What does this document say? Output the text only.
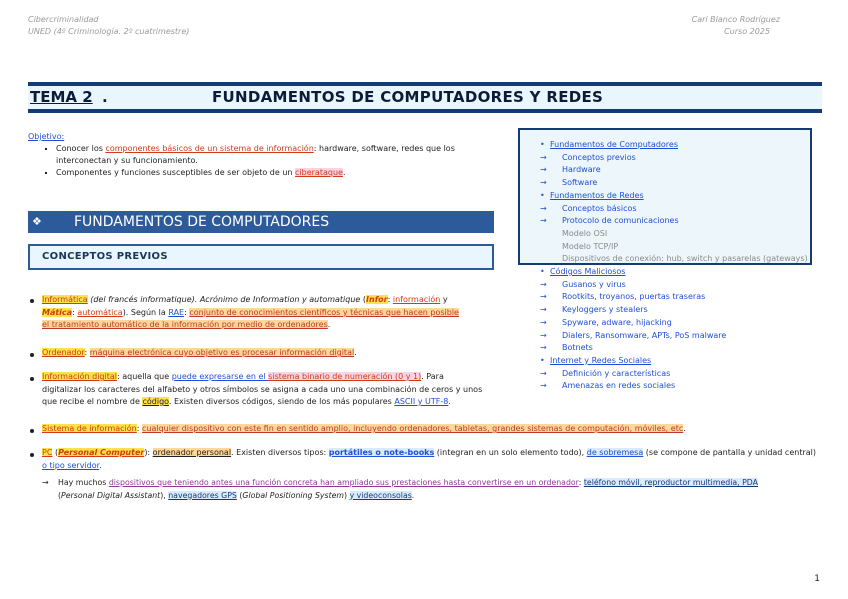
Cibercriminalidad
UNED (4º Criminología. 2º cuatrimestre)
Cari Blanco Rodríguez
Curso 2025
TEMA 2 .	FUNDAMENTOS DE COMPUTADORES Y REDES
Objetivo:
▪ Conocer los componentes básicos de un sistema de información: hardware, software, redes que los
interconectan y su funcionamiento.
▪ Componentes y funciones susceptibles de ser objeto de un ciberataque.
❖ FUNDAMENTOS DE COMPUTADORES
CONCEPTOS PREVIOS
• Fundamentos de Computadores
→ Conceptos previos
→ Hardware
→ Software
• Fundamentos de Redes
→ Conceptos básicos
→ Protocolo de comunicaciones
Modelo OSI
Modelo TCP/IP
Dispositivos de conexión: hub, switch y pasarelas (gateways)
• Códigos Maliciosos
→ Gusanos y virus
→ Rootkits, troyanos, puertas traseras
→ Keyloggers y stealers
→ Spyware, adware, hijacking
→ Dialers, Ransomware, APTs, PoS malware
→ Botnets
• Internet y Redes Sociales
→ Definición y características
→ Amenazas en redes sociales
Informática (del francés informatique). Acrónimo de Information y automatique (Infor: información y
Mática: automática). Según la RAE: conjunto de conocimientos científicos y técnicas que hacen posible
el tratamiento automático de la información por medio de ordenadores.
Ordenador: máquina electrónica cuyo objetivo es procesar información digital.
Información digital: aquella que puede expresarse en el sistema binario de numeración (0 y 1). Para
digitalizar los caracteres del alfabeto y otros símbolos se asigna a cada uno una combinación de ceros y unos
que recibe el nombre de código. Existen diversos códigos, siendo de los más populares ASCII y UTF-8.
Sistema de información: cualquier dispositivo con este fin en sentido amplio, incluyendo ordenadores, tabletas, grandes sistemas de computación, móviles, etc.
PC (Personal Computer): ordenador personal. Existen diversos tipos: portátiles o note-books (integran en un solo elemento todo), de sobremesa (se compone de pantalla y unidad central)
o tipo servidor.
→ Hay muchos dispositivos que teniendo antes una función concreta han ampliado sus prestaciones hasta convertirse en un ordenador: teléfono móvil, reproductor multimedia, PDA
(Personal Digital Assistant), navegadores GPS (Global Positioning System) y videoconsolas.
1
